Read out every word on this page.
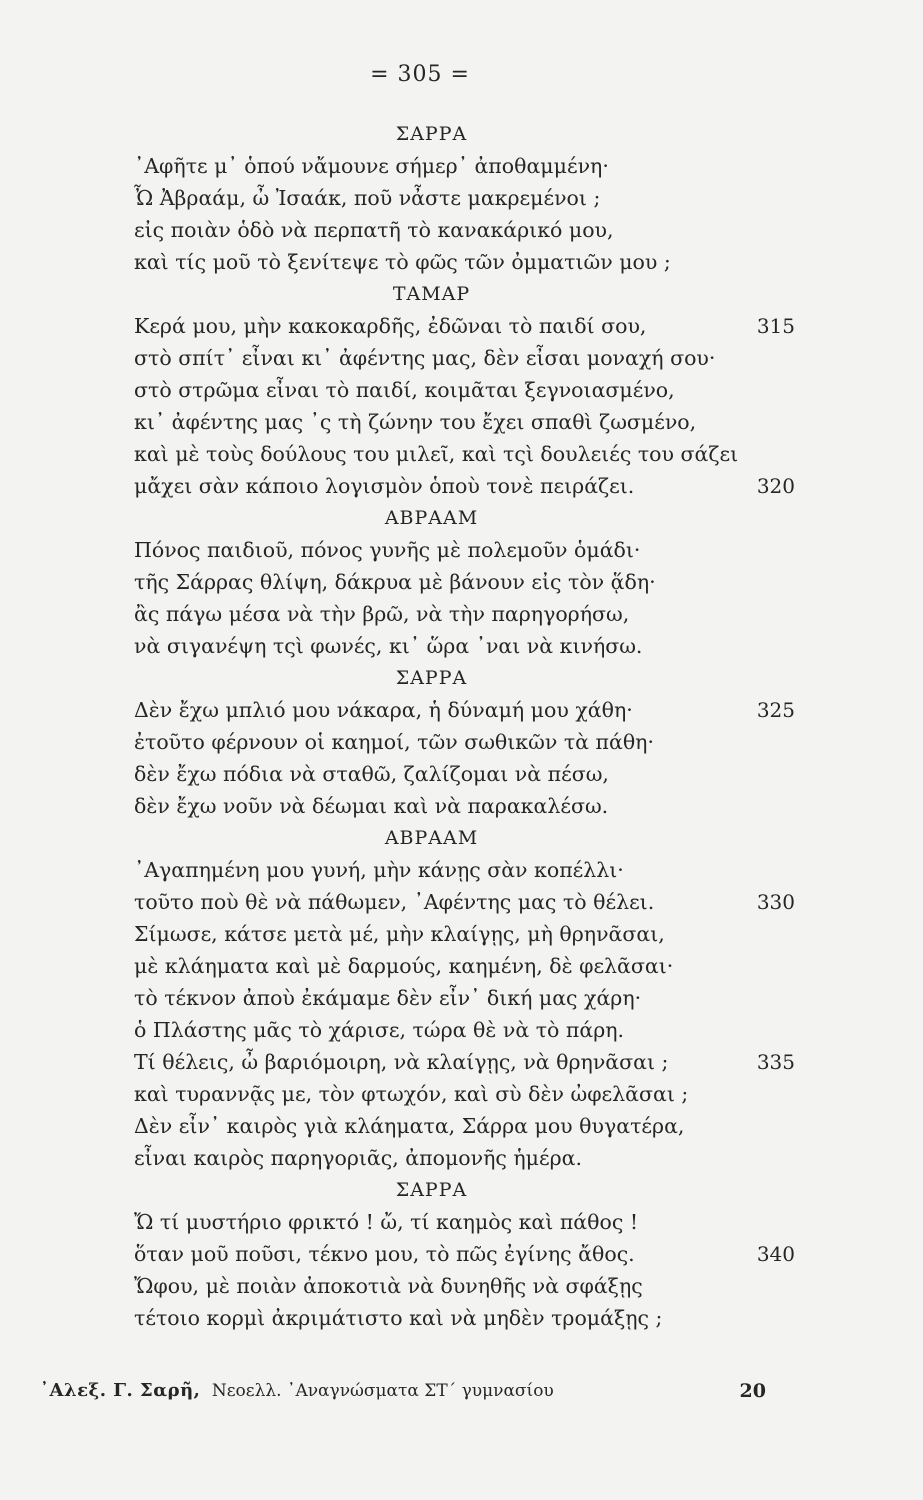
= 305 =
ΣΑΡΡΑ
᾿Αφῆτε μ᾿ ὁπού νἄμουνε σήμερ᾿ ἀποθαμμένη·
Ὦ Ἀβραάμ, ὦ Ἰσαάκ, ποῦ νἆστε μακρεμένοι ;
εἰς ποιὰν ὁδὸ νὰ περπατῆ τὸ κανακάρικό μου,
καὶ τίς μοῦ τὸ ξενίτεψε τὸ φῶς τῶν ὀμματιῶν μου ;
ΤΑΜΑΡ
Κερά μου, μὴν κακοκαρδῆς, ἐδῶναι τὸ παιδί σου,	315
στὸ σπίτ᾿ εἶναι κι᾿ ἀφέντης μας, δὲν εἶσαι μοναχή σου·
στὸ στρῶμα εἶναι τὸ παιδί, κοιμᾶται ξεγνοιασμένο,
κι᾿ ἀφέντης μας ᾿ς τὴ ζώνην του ἔχει σπαθὶ ζωσμένο,
καὶ μὲ τοὺς δούλους του μιλεῖ, καὶ τςὶ δουλειές του σάζει
μἄχει σὰν κάποιο λογισμὸν ὁποὺ τονὲ πειράζει.	320
ΑΒΡΑΑΜ
Πόνος παιδιοῦ, πόνος γυνῆς μὲ πολεμοῦν ὁμάδι·
τῆς Σάρρας θλίψη, δάκρυα μὲ βάνουν εἰς τὸν ᾅδη·
ἂς πάγω μέσα νὰ τὴν βρῶ, νὰ τὴν παρηγορήσω,
νὰ σιγανέψη τςὶ φωνές, κι᾿ ὥρα ᾿ναι νὰ κινήσω.
ΣΑΡΡΑ
Δὲν ἔχω μπλιό μου νάκαρα, ἡ δύναμή μου χάθη·	325
ἐτοῦτο φέρνουν οἱ καημοί, τῶν σωθικῶν τὰ πάθη·
δὲν ἔχω πόδια νὰ σταθῶ, ζαλίζομαι νὰ πέσω,
δὲν ἔχω νοῦν νὰ δέωμαι καὶ νὰ παρακαλέσω.
ΑΒΡΑΑΜ
᾿Αγαπημένη μου γυνή, μὴν κάνῃς σὰν κοπέλλι·
τοῦτο ποὺ θὲ νὰ πάθωμεν, ᾿Αφέντης μας τὸ θέλει.	330
Σίμωσε, κάτσε μετὰ μέ, μὴν κλαίγῃς, μὴ θρηνᾶσαι,
μὲ κλάηματα καὶ μὲ δαρμούς, καημένη, δὲ φελᾶσαι·
τὸ τέκνον ἀποὺ ἐκάμαμε δὲν εἶν᾿ δική μας χάρη·
ὁ Πλάστης μᾶς τὸ χάρισε, τώρα θὲ νὰ τὸ πάρη.
Τί θέλεις, ὦ βαριόμοιρη, νὰ κλαίγῃς, νὰ θρηνᾶσαι ;	335
καὶ τυραννᾷς με, τὸν φτωχόν, καὶ σὺ δὲν ὠφελᾶσαι ;
Δὲν εἶν᾿ καιρὸς γιὰ κλάηματα, Σάρρα μου θυγατέρα,
εἶναι καιρὸς παρηγοριᾶς, ἀπομονῆς ἡμέρα.
ΣΑΡΡΑ
Ὤ τί μυστήριο φρικτό ! ὤ, τί καημὸς καὶ πάθος !
ὅταν μοῦ ποῦσι, τέκνο μου, τὸ πῶς ἐγίνης ἄθος.	340
Ὤφου, μὲ ποιὰν ἀποκοτιὰ νὰ δυνηθῆς νὰ σφάξῃς
τέτοιο κορμὶ ἀκριμάτιστο καὶ νὰ μηδὲν τρομάξῃς ;
᾿Αλεξ. Γ. Σαρῆ, Νεοελλ. ᾿Αναγνώσματα ΣΤ΄ γυμνασίου	20
